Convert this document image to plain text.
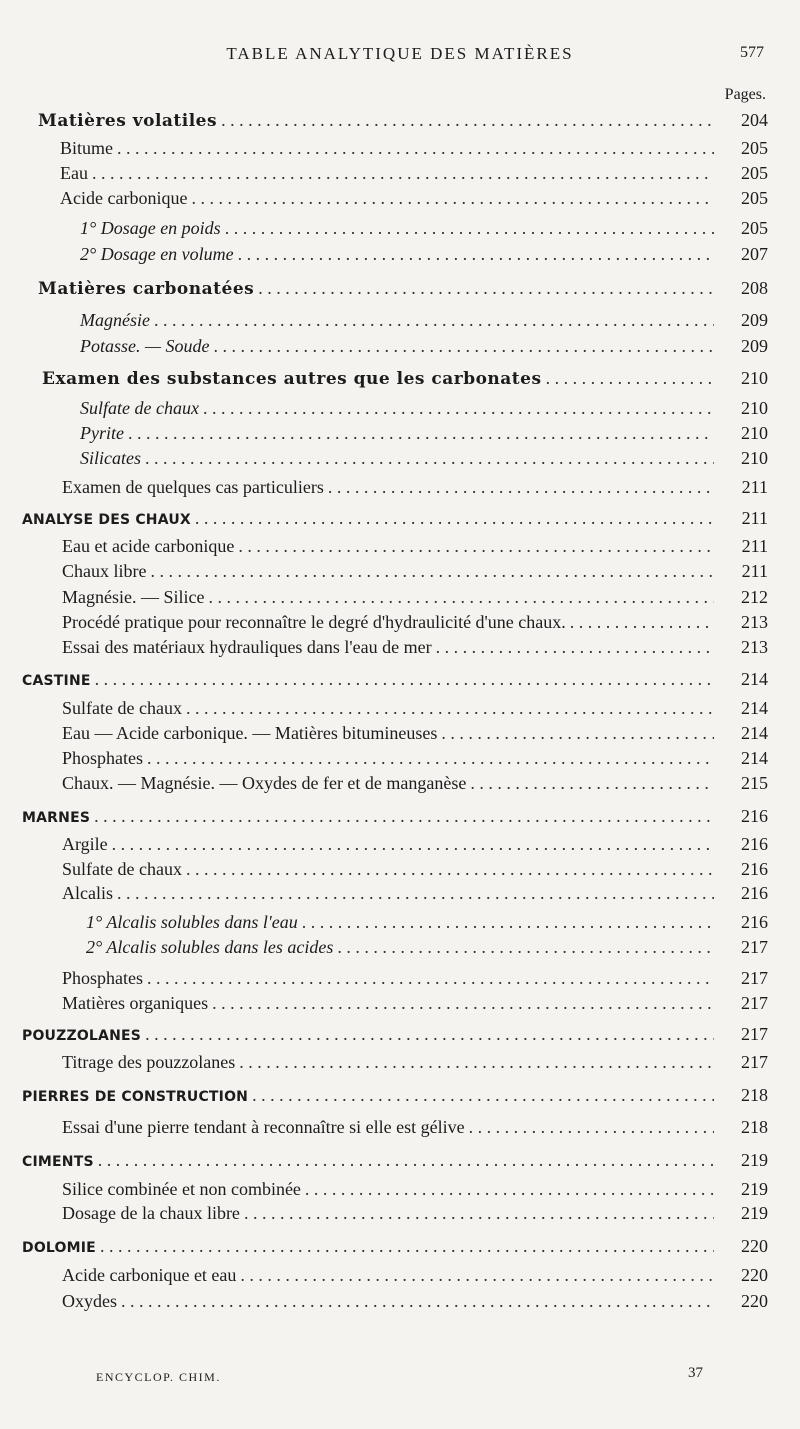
TABLE ANALYTIQUE DES MATIÈRES	577
Pages.
Matières volatiles . . .	204
Bitume . . .	205
Eau . . .	205
Acide carbonique . . .	205
1° Dosage en poids . . .	205
2° Dosage en volume . . .	207
Matières carbonatées . . .	208
Magnésie . . .	209
Potasse. — Soude . . .	209
Examen des substances autres que les carbonates . . .	210
Sulfate de chaux . . .	210
Pyrite . . .	210
Silicates . . .	210
Examen de quelques cas particuliers . . .	211
ANALYSE DES CHAUX . . .	211
Eau et acide carbonique . . .	211
Chaux libre . . .	211
Magnésie. — Silice . . .	212
Procédé pratique pour reconnaître le degré d'hydraulicité d'une chaux. . . .	213
Essai des matériaux hydrauliques dans l'eau de mer . . .	213
CASTINE . . .	214
Sulfate de chaux . . .	214
Eau — Acide carbonique. — Matières bitumineuses . . .	214
Phosphates . . .	214
Chaux. — Magnésie. — Oxydes de fer et de manganèse . . .	215
MARNES . . .	216
Argile . . .	216
Sulfate de chaux . . .	216
Alcalis . . .	216
1° Alcalis solubles dans l'eau . . .	216
2° Alcalis solubles dans les acides . . .	217
Phosphates . . .	217
Matières organiques . . .	217
POUZZOLANES . . .	217
Titrage des pouzzolanes . . .	217
PIERRES DE CONSTRUCTION . . .	218
Essai d'une pierre tendant à reconnaître si elle est gélive . . .	218
CIMENTS . . .	219
Silice combinée et non combinée . . .	219
Dosage de la chaux libre . . .	219
DOLOMIE . . .	220
Acide carbonique et eau . . .	220
Oxydes . . .	220
ENCYCLOP. CHIM.	37
